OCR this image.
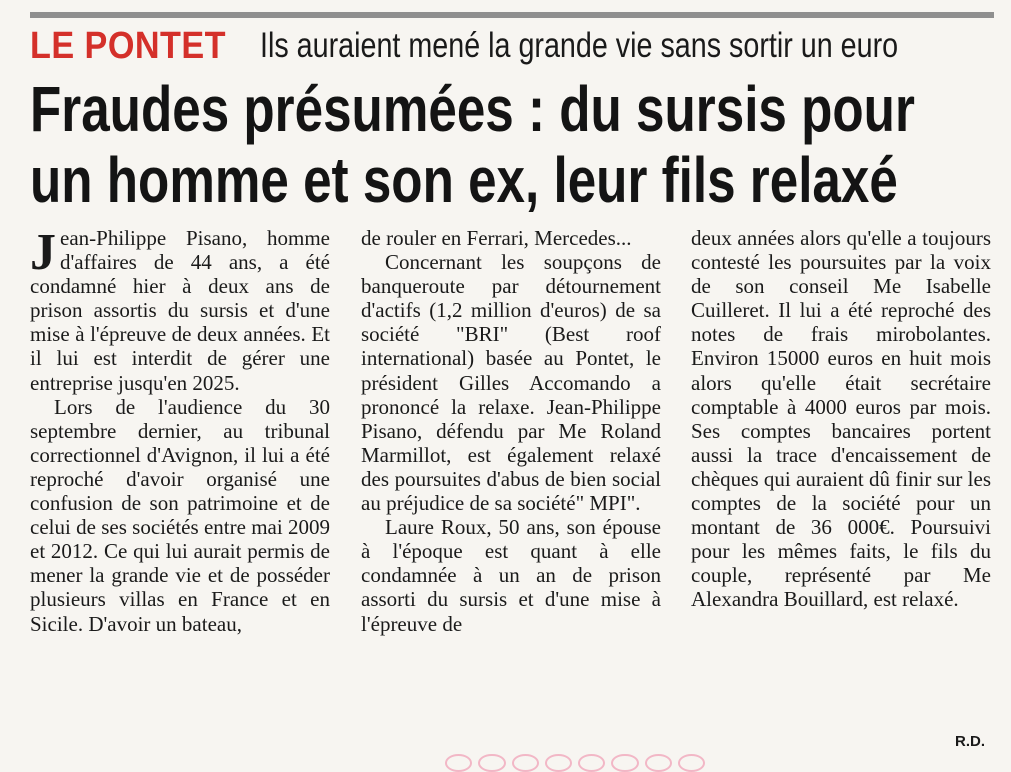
LE PONTET Ils auraient mené la grande vie sans sortir un euro
Fraudes présumées : du sursis pour
un homme et son ex, leur fils relaxé

Jean-Philippe Pisano, homme d'affaires de 44 ans, a été condamné hier à deux ans de prison assortis du sursis et d'une mise à l'épreuve de deux années. Et il lui est interdit de gérer une entreprise jusqu'en 2025.

Lors de l'audience du 30 septembre dernier, au tribunal correctionnel d'Avignon, il lui a été reproché d'avoir organisé une confusion de son patrimoine et de celui de ses sociétés entre mai 2009 et 2012. Ce qui lui aurait permis de mener la grande vie et de posséder plusieurs villas en France et en Sicile. D'avoir un bateau,

de rouler en Ferrari, Mercedes...

Concernant les soupçons de banqueroute par détournement d'actifs (1,2 million d'euros) de sa société "BRI" (Best roof international) basée au Pontet, le président Gilles Accomando a prononcé la relaxe. Jean-Philippe Pisano, défendu par Me Roland Marmillot, est également relaxé des poursuites d'abus de bien social au préjudice de sa société" MPI".

Laure Roux, 50 ans, son épouse à l'époque est quant à elle condamnée à un an de prison assorti du sursis et d'une mise à l'épreuve de

deux années alors qu'elle a toujours contesté les poursuites par la voix de son conseil Me Isabelle Cuilleret. Il lui a été reproché des notes de frais mirobolantes. Environ 15000 euros en huit mois alors qu'elle était secrétaire comptable à 4000 euros par mois. Ses comptes bancaires portent aussi la trace d'encaissement de chèques qui auraient dû finir sur les comptes de la société pour un montant de 36 000€. Poursuivi pour les mêmes faits, le fils du couple, représenté par Me Alexandra Bouillard, est relaxé.

R.D.
